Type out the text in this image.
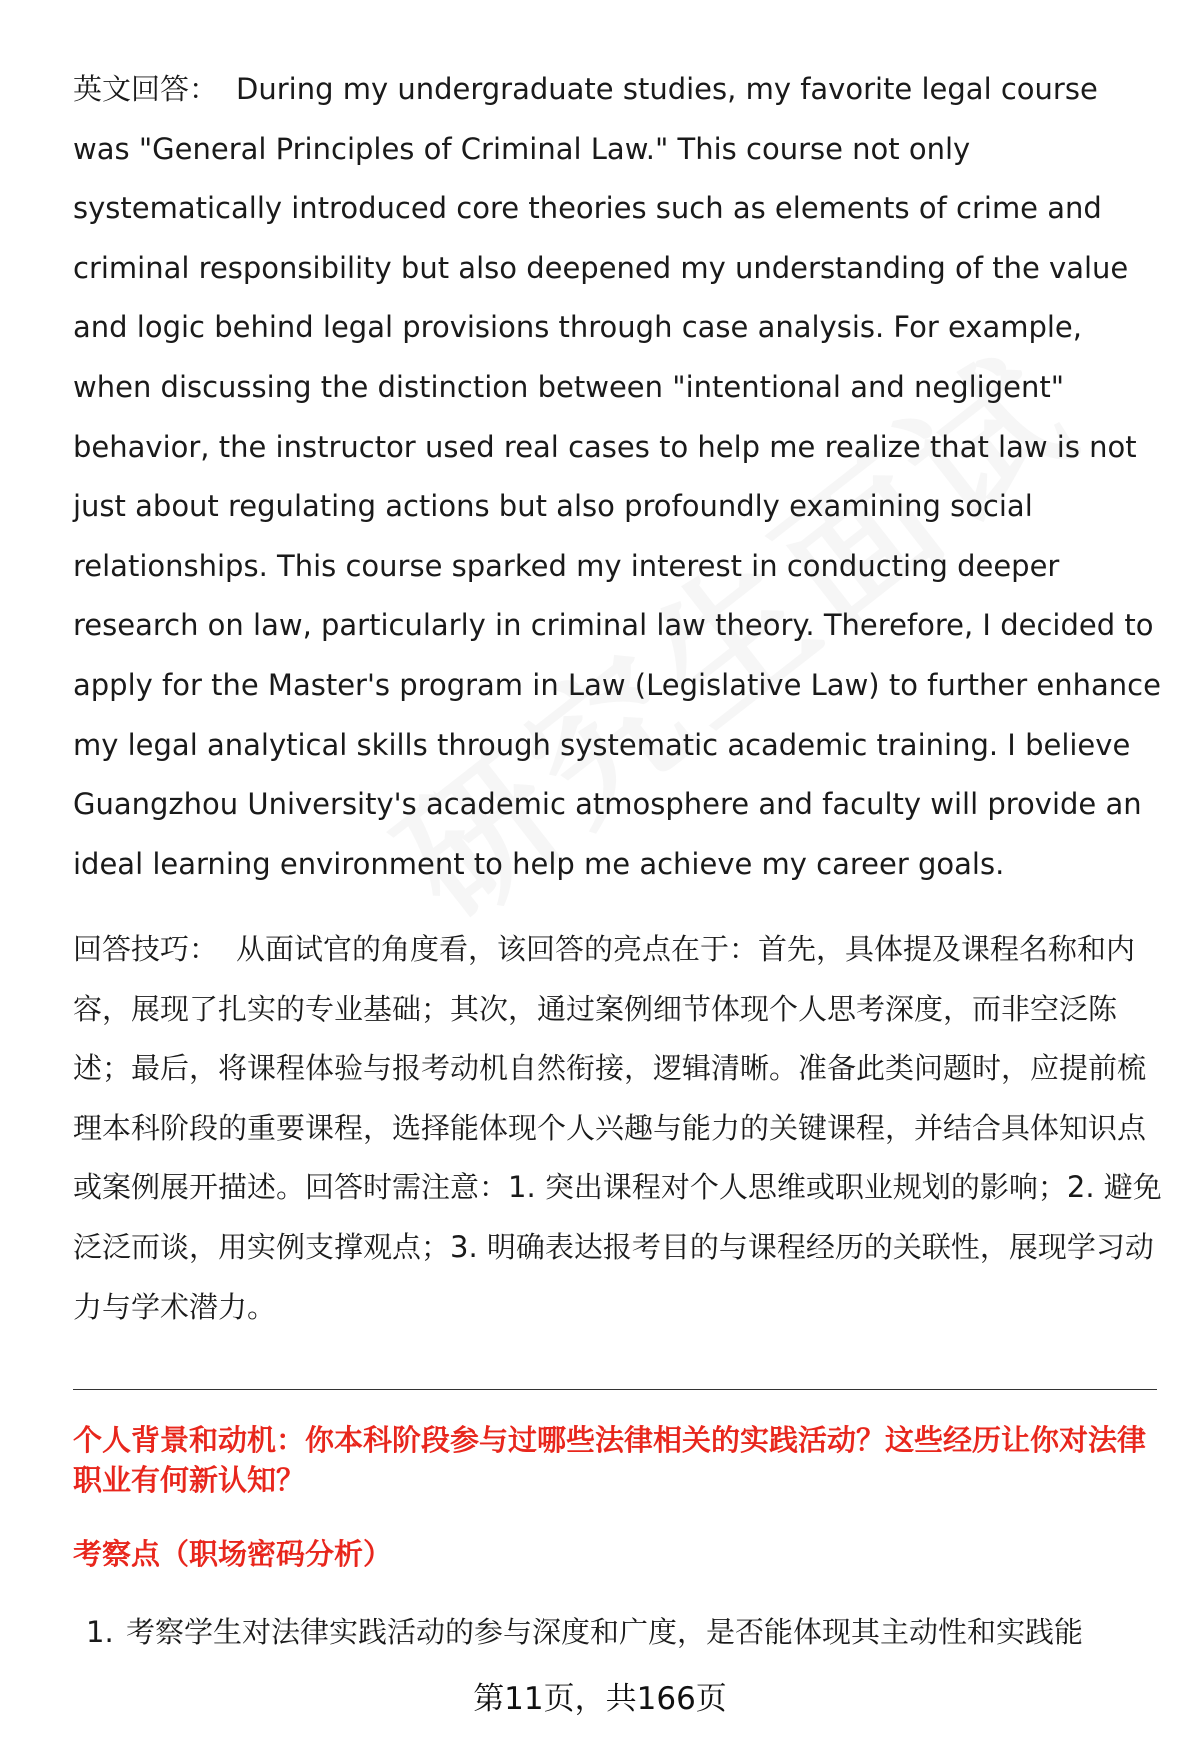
英文回答： During my undergraduate studies, my favorite legal course was "General Principles of Criminal Law." This course not only systematically introduced core theories such as elements of crime and criminal responsibility but also deepened my understanding of the value and logic behind legal provisions through case analysis. For example, when discussing the distinction between "intentional and negligent" behavior, the instructor used real cases to help me realize that law is not just about regulating actions but also profoundly examining social relationships. This course sparked my interest in conducting deeper research on law, particularly in criminal law theory. Therefore, I decided to apply for the Master's program in Law (Legislative Law) to further enhance my legal analytical skills through systematic academic training. I believe Guangzhou University's academic atmosphere and faculty will provide an ideal learning environment to help me achieve my career goals.

回答技巧： 从面试官的角度看，该回答的亮点在于：首先，具体提及课程名称和内容，展现了扎实的专业基础；其次，通过案例细节体现个人思考深度，而非空泛陈述；最后，将课程体验与报考动机自然衔接，逻辑清晰。准备此类问题时，应提前梳理本科阶段的重要课程，选择能体现个人兴趣与能力的关键课程，并结合具体知识点或案例展开描述。回答时需注意：1. 突出课程对个人思维或职业规划的影响；2. 避免泛泛而谈，用实例支撑观点；3. 明确表达报考目的与课程经历的关联性，展现学习动力与学术潜力。

个人背景和动机：你本科阶段参与过哪些法律相关的实践活动？这些经历让你对法律职业有何新认知？

考察点（职场密码分析）

1. 考察学生对法律实践活动的参与深度和广度，是否能体现其主动性和实践能

第11页，共166页
